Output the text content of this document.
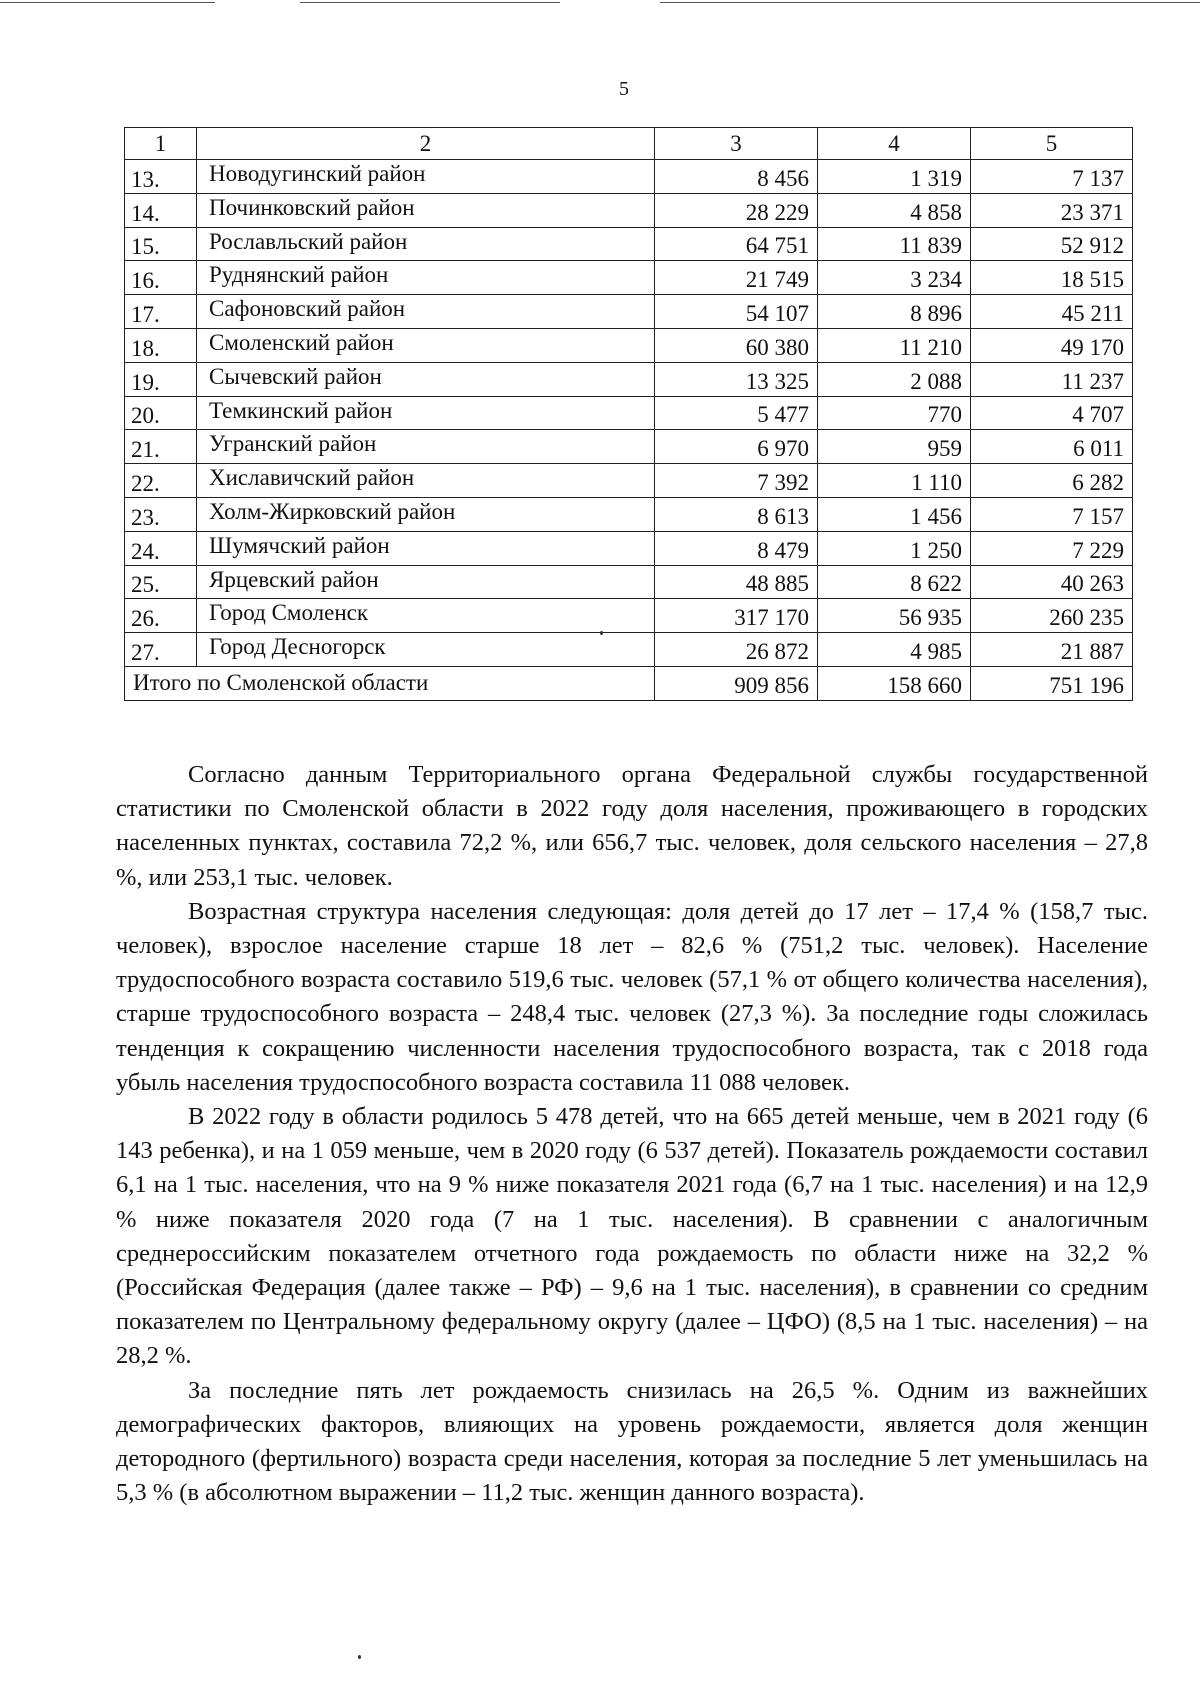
5
1	2	3	4	5
13.	Новодугинский район	8 456	1 319	7 137
14.	Починковский район	28 229	4 858	23 371
15.	Рославльский район	64 751	11 839	52 912
16.	Руднянский район	21 749	3 234	18 515
17.	Сафоновский район	54 107	8 896	45 211
18.	Смоленский район	60 380	11 210	49 170
19.	Сычевский район	13 325	2 088	11 237
20.	Темкинский район	5 477	770	4 707
21.	Угранский район	6 970	959	6 011
22.	Хиславичский район	7 392	1 110	6 282
23.	Холм-Жирковский район	8 613	1 456	7 157
24.	Шумячский район	8 479	1 250	7 229
25.	Ярцевский район	48 885	8 622	40 263
26.	Город Смоленск	317 170	56 935	260 235
27.	Город Десногорск	26 872	4 985	21 887
Итого по Смоленской области		909 856	158 660	751 196

Согласно данным Территориального органа Федеральной службы государственной статистики по Смоленской области в 2022 году доля населения, проживающего в городских населенных пунктах, составила 72,2 %, или 656,7 тыс. человек, доля сельского населения – 27,8 %, или 253,1 тыс. человек.

Возрастная структура населения следующая: доля детей до 17 лет – 17,4 % (158,7 тыс. человек), взрослое население старше 18 лет – 82,6 % (751,2 тыс. человек). Население трудоспособного возраста составило 519,6 тыс. человек (57,1 % от общего количества населения), старше трудоспособного возраста – 248,4 тыс. человек (27,3 %). За последние годы сложилась тенденция к сокращению численности населения трудоспособного возраста, так с 2018 года убыль населения трудоспособного возраста составила 11 088 человек.

В 2022 году в области родилось 5 478 детей, что на 665 детей меньше, чем в 2021 году (6 143 ребенка), и на 1 059 меньше, чем в 2020 году (6 537 детей). Показатель рождаемости составил 6,1 на 1 тыс. населения, что на 9 % ниже показателя 2021 года (6,7 на 1 тыс. населения) и на 12,9 % ниже показателя 2020 года (7 на 1 тыс. населения). В сравнении с аналогичным среднероссийским показателем отчетного года рождаемость по области ниже на 32,2 % (Российская Федерация (далее также – РФ) – 9,6 на 1 тыс. населения), в сравнении со средним показателем по Центральному федеральному округу (далее – ЦФО) (8,5 на 1 тыс. населения) – на 28,2 %.

За последние пять лет рождаемость снизилась на 26,5 %. Одним из важнейших демографических факторов, влияющих на уровень рождаемости, является доля женщин детородного (фертильного) возраста среди населения, которая за последние 5 лет уменьшилась на 5,3 % (в абсолютном выражении – 11,2 тыс. женщин данного возраста).
